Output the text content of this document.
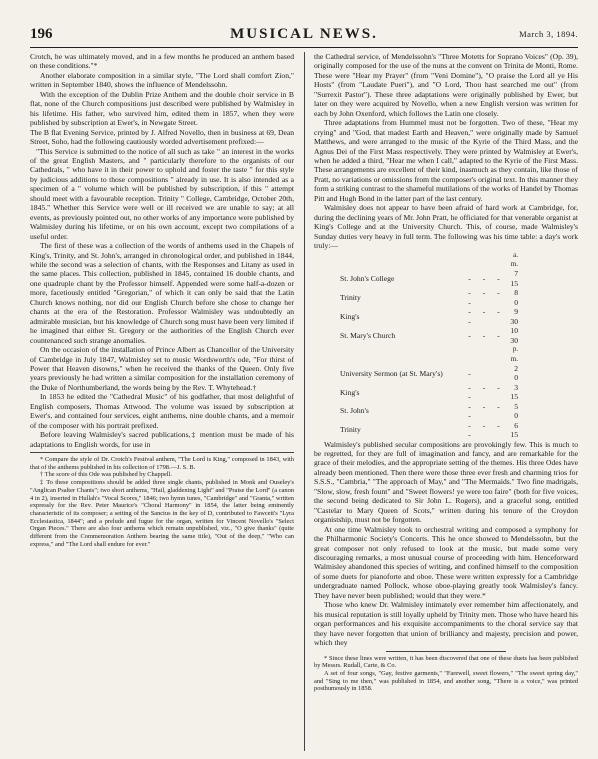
196	MUSICAL NEWS.	March 3, 1894.

Crotch, he was ultimately moved, and in a few months he produced an anthem based on these conditions."*

Another elaborate composition in a similar style, "The Lord shall comfort Zion," written in September 1840, shows the influence of Mendelssohn.

With the exception of the Dublin Prize Anthem and the double choir service in B flat, none of the Church compositions just described were published by Walmisley in his lifetime. His father, who survived him, edited them in 1857, when they were published by subscription at Ewer's, in Newgate Street.

The B flat Evening Service, printed by J. Alfred Novello, then in business at 69, Dean Street, Soho, had the following cautiously worded advertisement prefixed:—

"This Service is submitted to the notice of all such as take " an interest in the works of the great English Masters, and " particularly therefore to the organists of our Cathedrals, " who have it in their power to uphold and foster the taste " for this style by judicious additions to those compositions " already in use. It is also intended as a specimen of a " volume which will be published by subscription, if this " attempt should meet with a favourable reception. Trinity " College, Cambridge, October 20th, 1845." Whether this Service were well or ill received we are unable to say; at all events, as previously pointed out, no other works of any importance were published by Walmisley during his lifetime, or on his own account, except two compilations of a useful order.

The first of these was a collection of the words of anthems used in the Chapels of King's, Trinity, and St. John's, arranged in chronological order, and published in 1844, while the second was a selection of chants, with the Responses and Litany as used in the same places. This collection, published in 1845, contained 16 double chants, and one quadruple chant by the Professor himself. Appended were some half-a-dozen or more, facetiously entitled "Gregorian," of which it can only be said that the Latin Church knows nothing, nor did our English Church before she chose to change her chants at the era of the Restoration. Professor Walmisley was undoubtedly an admirable musician, but his knowledge of Church song must have been very limited if he imagined that either St. Gregory or the authorities of the English Church ever countenanced such strange anomalies.

On the occasion of the installation of Prince Albert as Chancellor of the University of Cambridge in July 1847, Walmisley set to music Wordsworth's ode, "For thirst of Power that Heaven disowns," when he received the thanks of the Queen. Only five years previously he had written a similar composition for the installation ceremony of the Duke of Northumberland, the words being by the Rev. T. Whytehead.†

In 1853 he edited the "Cathedral Music" of his godfather, that most delightful of English composers, Thomas Attwood. The volume was issued by subscription at Ewer's, and contained four services, eight anthems, nine double chants, and a memoir of the composer with his portrait prefixed.

Before leaving Walmisley's sacred publications,‡ mention must be made of his adaptations to English words, for use in

* Compare the style of Dr. Crotch's Festival anthem, "The Lord is King," composed in 1843, with that of the anthems published in his collection of 1798.—J. S. B.

† The score of this Ode was published by Chappell.

‡ To these compositions should be added three single chants, published in Monk and Ouseley's "Anglican Psalter Chants"; two short anthems, "Hail, gladdening Light" and "Praise the Lord" (a canon 4 in 2), inserted in Hullah's "Vocal Scores," 1846; two hymn tunes, "Cambridge" and "Granta," written expressly for the Rev. Peter Maurice's "Choral Harmony" in 1854, the latter being eminently characteristic of its composer; a setting of the Sanctus in the key of D, contributed to Fawcett's "Lyra Ecclesiastica, 1844"; and a prelude and fugue for the organ, written for Vincent Novello's "Select Organ Pieces." There are also four anthems which remain unpublished, viz., "O give thanks" (quite different from the Commemoration Anthem bearing the same title), "Out of the deep," "Who can express," and "The Lord shall endure for ever."

the Cathedral service, of Mendelssohn's "Three Motetts for Soprano Voices" (Op. 39), originally composed for the use of the nuns at the convent on Trinita de Monti, Rome. These were "Hear my Prayer" (from "Veni Domine"), "O praise the Lord all ye His Hosts" (from "Laudate Pueri"), and "O Lord, Thou hast searched me out" (from "Surrexit Pastor"). These three adaptations were originally published by Ewer, but later on they were acquired by Novello, when a new English version was written for each by John Oxenford, which follows the Latin one closely.

Three adaptations from Hummel must not be forgotten. Two of these, "Hear my crying" and "God, that madest Earth and Heaven," were originally made by Samuel Matthews, and were arranged to the music of the Kyrie of the Third Mass, and the Agnus Dei of the First Mass respectively. They were printed by Walmisley at Ewer's, when he added a third, "Hear me when I call," adapted to the Kyrie of the First Mass. These arrangements are excellent of their kind, inasmuch as they contain, like those of Pratt, no variations or omissions from the composer's original text. In this manner they form a striking contrast to the shameful mutilations of the works of Handel by Thomas Pitt and Hugh Bond in the latter part of the last century.

Walmisley does not appear to have been afraid of hard work at Cambridge, for, during the declining years of Mr. John Pratt, he officiated for that venerable organist at King's College and at the University Church. This, of course, made Walmisley's Sunday duties very heavy in full term. The following was his time table: a day's work truly:—

		a. m.
St. John's College	- - -	7 15
Trinity	- - - -	8 0
King's	- - - -	9 30
St. Mary's Church	- - -	10 30
		p. m.
University Sermon (at St. Mary's)	-	2 0
King's	- - - -	3 15
St. John's	- - - -	5 0
Trinity	- - - -	6 15

Walmisley's published secular compositions are provokingly few. This is much to be regretted, for they are full of imagination and fancy, and are remarkable for the grace of their melodies, and the appropriate setting of the themes. His three Odes have already been mentioned. Then there were those three ever fresh and charming trios for S.S.S., "Cambria," "The approach of May," and "The Mermaids." Two fine madrigals, "Slow, slow, fresh fount" and "Sweet flowers! ye were too faire" (both for five voices, the second being dedicated to Sir John L. Rogers), and a graceful song, entitled "Castelar to Mary Queen of Scots," written during his tenure of the Croydon organistship, must not be forgotten.

At one time Walmisley took to orchestral writing and composed a symphony for the Philharmonic Society's Concerts. This he once showed to Mendelssohn, but the great composer not only refused to look at the music, but made some very discouraging remarks, a most unusual course of proceeding with him. Henceforward Walmisley abandoned this species of writing, and confined himself to the composition of some duets for pianoforte and oboe. These were written expressly for a Cambridge undergraduate named Pollock, whose oboe-playing greatly took Walmisley's fancy. They have never been published; would that they were.*

Those who knew Dr. Walmisley intimately ever remember him affectionately, and his musical reputation is still loyally upheld by Trinity men. Those who have heard his organ performances and his exquisite accompaniments to the choral service say that they have never forgotten that union of brilliancy and majesty, precision and power, which they

* Since these lines were written, it has been discovered that one of these duets has been published by Messrs. Rudall, Carte, & Co.

A set of four songs, "Gay, festive garments," "Farewell, sweet flowers," "The sweet spring day," and "Sing to me then," was published in 1854, and another song, "There is a voice," was printed posthumously in 1858.
